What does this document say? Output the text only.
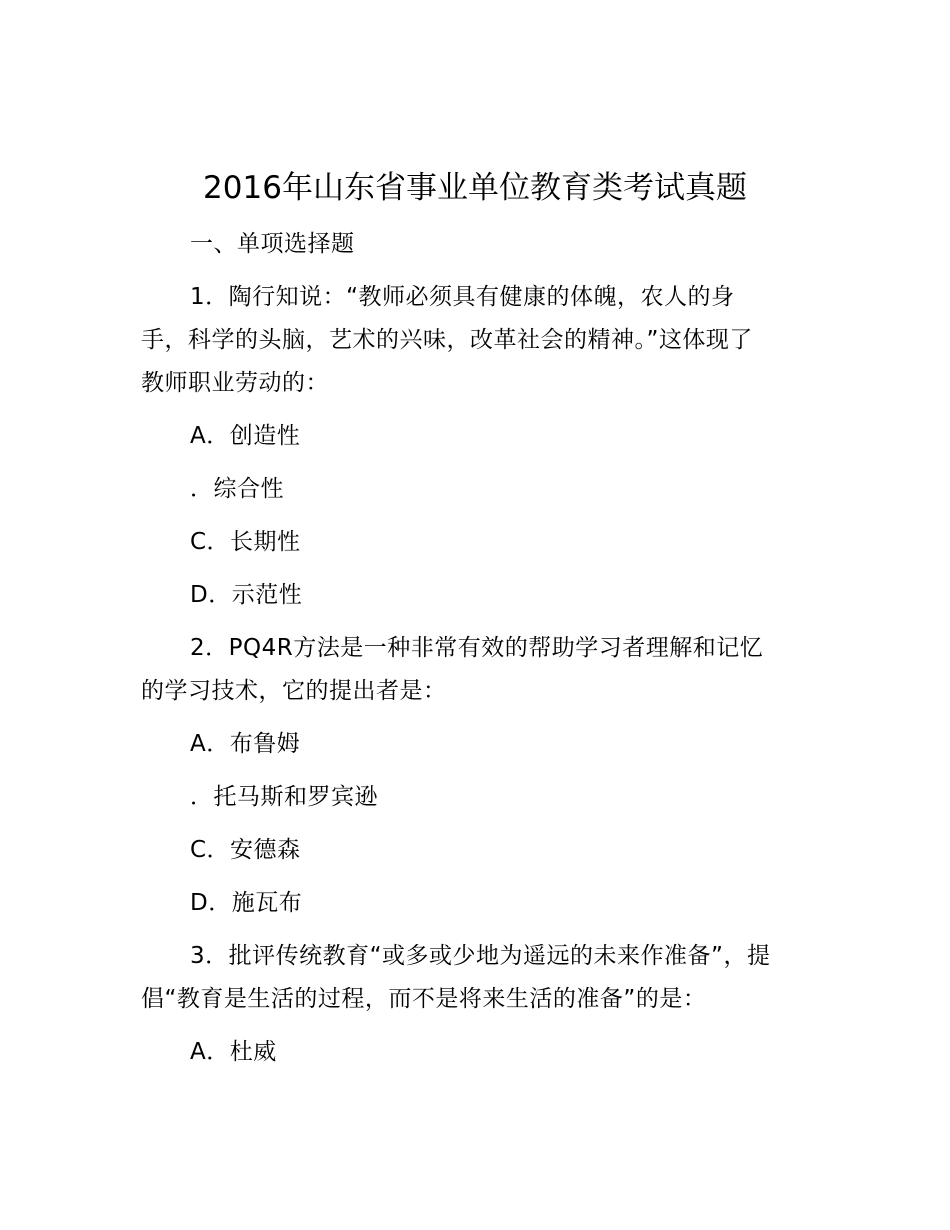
2016年山东省事业单位教育类考试真题
一、单项选择题
1．陶行知说：“教师必须具有健康的体魄，农人的身
手，科学的头脑，艺术的兴味，改革社会的精神。”这体现了
教师职业劳动的：
A．创造性
．综合性
C．长期性
D．示范性
2．PQ4R方法是一种非常有效的帮助学习者理解和记忆
的学习技术，它的提出者是：
A．布鲁姆
．托马斯和罗宾逊
C．安德森
D．施瓦布
3．批评传统教育“或多或少地为遥远的未来作准备”，提
倡“教育是生活的过程，而不是将来生活的准备”的是：
A．杜威
